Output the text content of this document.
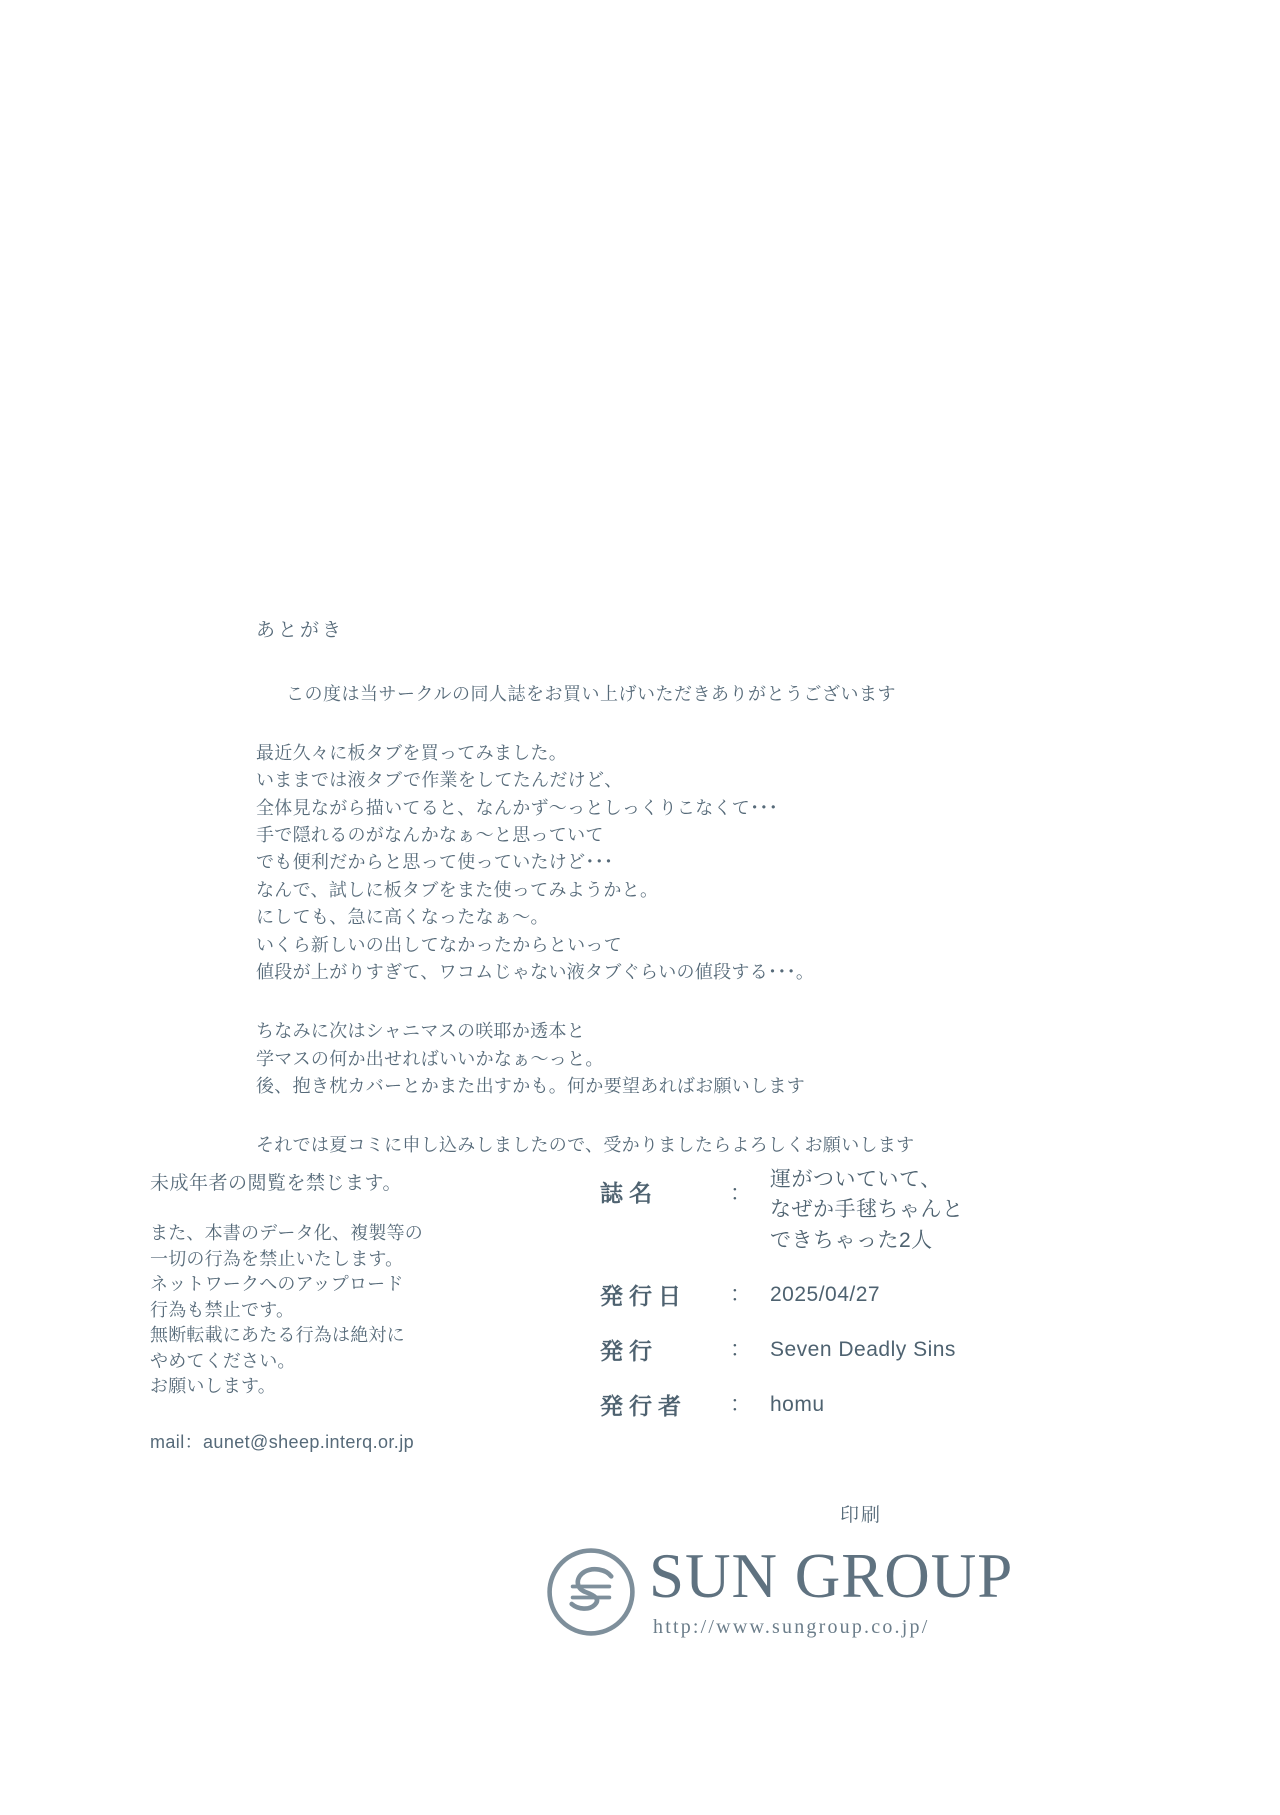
あとがき
この度は当サークルの同人誌をお買い上げいただきありがとうございます
最近久々に板タブを買ってみました。
いままでは液タブで作業をしてたんだけど、
全体見ながら描いてると、なんかず～っとしっくりこなくて･･･
手で隠れるのがなんかなぁ～と思っていて
でも便利だからと思って使っていたけど･･･
なんで、試しに板タブをまた使ってみようかと。
にしても、急に高くなったなぁ～。
いくら新しいの出してなかったからといって
値段が上がりすぎて、ワコムじゃない液タブぐらいの値段する･･･。
ちなみに次はシャニマスの咲耶か透本と
学マスの何か出せればいいかなぁ～っと。
後、抱き枕カバーとかまた出すかも。何か要望あればお願いします
それでは夏コミに申し込みしましたので、受かりましたらよろしくお願いします
未成年者の閲覧を禁じます。
また、本書のデータ化、複製等の
一切の行為を禁止いたします。
ネットワークへのアップロード
行為も禁止です。
無断転載にあたる行為は絶対に
やめてください。
お願いします。
mail：aunet@sheep.interq.or.jp
誌名	：
運がついていて、
なぜか手毬ちゃんと
できちゃった2人
発行日	： 2025/04/27
発行	： Seven Deadly Sins
発行者	： homu
印刷
SUN GROUP
http://www.sungroup.co.jp/
